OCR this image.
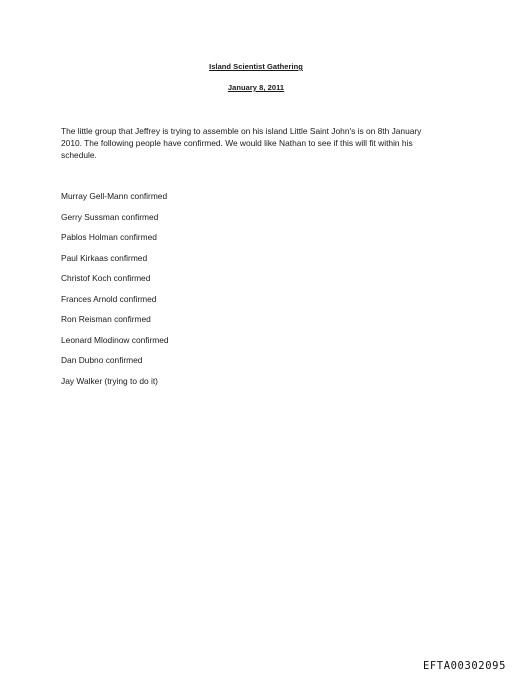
Island Scientist Gathering
January 8, 2011
The little group that Jeffrey is trying to assemble on his island Little Saint John's is on 8th January 2010. The following people have confirmed. We would like Nathan to see if this will fit within his schedule.
Murray Gell-Mann confirmed
Gerry Sussman confirmed
Pablos Holman confirmed
Paul Kirkaas confirmed
Christof Koch confirmed
Frances Arnold confirmed
Ron Reisman confirmed
Leonard Mlodinow confirmed
Dan Dubno confirmed
Jay Walker (trying to do it)
EFTA00302095
